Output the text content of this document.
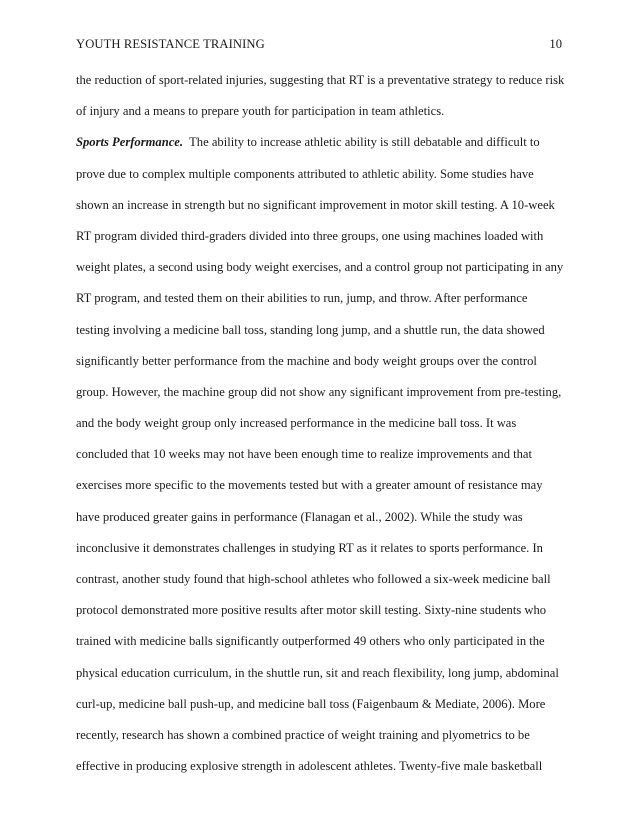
YOUTH RESISTANCE TRAINING	10
the reduction of sport-related injuries, suggesting that RT is a preventative strategy to reduce risk
of injury and a means to prepare youth for participation in team athletics.
Sports Performance.  The ability to increase athletic ability is still debatable and difficult to
prove due to complex multiple components attributed to athletic ability. Some studies have
shown an increase in strength but no significant improvement in motor skill testing. A 10-week
RT program divided third-graders divided into three groups, one using machines loaded with
weight plates, a second using body weight exercises, and a control group not participating in any
RT program, and tested them on their abilities to run, jump, and throw. After performance
testing involving a medicine ball toss, standing long jump, and a shuttle run, the data showed
significantly better performance from the machine and body weight groups over the control
group. However, the machine group did not show any significant improvement from pre-testing,
and the body weight group only increased performance in the medicine ball toss. It was
concluded that 10 weeks may not have been enough time to realize improvements and that
exercises more specific to the movements tested but with a greater amount of resistance may
have produced greater gains in performance (Flanagan et al., 2002). While the study was
inconclusive it demonstrates challenges in studying RT as it relates to sports performance. In
contrast, another study found that high-school athletes who followed a six-week medicine ball
protocol demonstrated more positive results after motor skill testing. Sixty-nine students who
trained with medicine balls significantly outperformed 49 others who only participated in the
physical education curriculum, in the shuttle run, sit and reach flexibility, long jump, abdominal
curl-up, medicine ball push-up, and medicine ball toss (Faigenbaum & Mediate, 2006). More
recently, research has shown a combined practice of weight training and plyometrics to be
effective in producing explosive strength in adolescent athletes. Twenty-five male basketball
